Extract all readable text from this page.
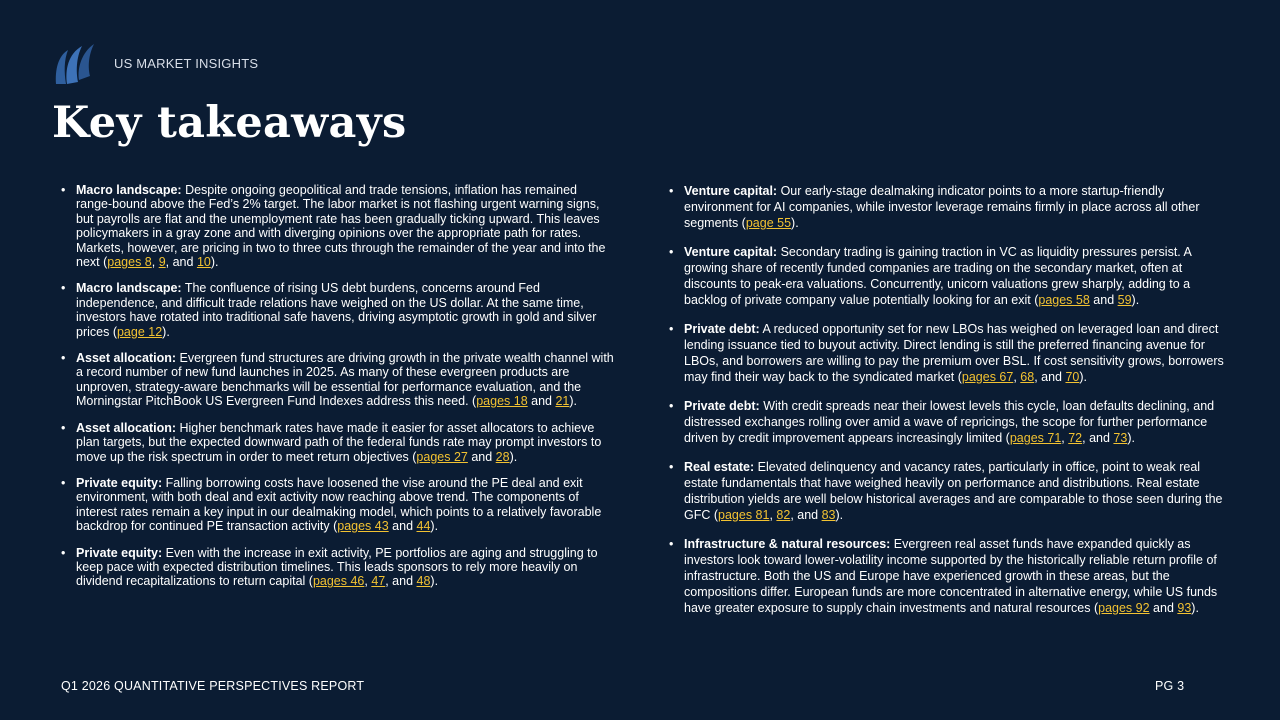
US MARKET INSIGHTS
Key takeaways
• Macro landscape: Despite ongoing geopolitical and trade tensions, inflation has remained range-bound above the Fed’s 2% target. The labor market is not flashing urgent warning signs, but payrolls are flat and the unemployment rate has been gradually ticking upward. This leaves policymakers in a gray zone and with diverging opinions over the appropriate path for rates. Markets, however, are pricing in two to three cuts through the remainder of the year and into the next (pages 8, 9, and 10).
• Macro landscape: The confluence of rising US debt burdens, concerns around Fed independence, and difficult trade relations have weighed on the US dollar. At the same time, investors have rotated into traditional safe havens, driving asymptotic growth in gold and silver prices (page 12).
• Asset allocation: Evergreen fund structures are driving growth in the private wealth channel with a record number of new fund launches in 2025. As many of these evergreen products are unproven, strategy-aware benchmarks will be essential for performance evaluation, and the Morningstar PitchBook US Evergreen Fund Indexes address this need. (pages 18 and 21).
• Asset allocation: Higher benchmark rates have made it easier for asset allocators to achieve plan targets, but the expected downward path of the federal funds rate may prompt investors to move up the risk spectrum in order to meet return objectives (pages 27 and 28).
• Private equity: Falling borrowing costs have loosened the vise around the PE deal and exit environment, with both deal and exit activity now reaching above trend. The components of interest rates remain a key input in our dealmaking model, which points to a relatively favorable backdrop for continued PE transaction activity (pages 43 and 44).
• Private equity: Even with the increase in exit activity, PE portfolios are aging and struggling to keep pace with expected distribution timelines. This leads sponsors to rely more heavily on dividend recapitalizations to return capital (pages 46, 47, and 48).
• Venture capital: Our early-stage dealmaking indicator points to a more startup-friendly environment for AI companies, while investor leverage remains firmly in place across all other segments (page 55).
• Venture capital: Secondary trading is gaining traction in VC as liquidity pressures persist. A growing share of recently funded companies are trading on the secondary market, often at discounts to peak-era valuations. Concurrently, unicorn valuations grew sharply, adding to a backlog of private company value potentially looking for an exit (pages 58 and 59).
• Private debt: A reduced opportunity set for new LBOs has weighed on leveraged loan and direct lending issuance tied to buyout activity. Direct lending is still the preferred financing avenue for LBOs, and borrowers are willing to pay the premium over BSL. If cost sensitivity grows, borrowers may find their way back to the syndicated market (pages 67, 68, and 70).
• Private debt: With credit spreads near their lowest levels this cycle, loan defaults declining, and distressed exchanges rolling over amid a wave of repricings, the scope for further performance driven by credit improvement appears increasingly limited (pages 71, 72, and 73).
• Real estate: Elevated delinquency and vacancy rates, particularly in office, point to weak real estate fundamentals that have weighed heavily on performance and distributions. Real estate distribution yields are well below historical averages and are comparable to those seen during the GFC (pages 81, 82, and 83).
• Infrastructure & natural resources: Evergreen real asset funds have expanded quickly as investors look toward lower-volatility income supported by the historically reliable return profile of infrastructure. Both the US and Europe have experienced growth in these areas, but the compositions differ. European funds are more concentrated in alternative energy, while US funds have greater exposure to supply chain investments and natural resources (pages 92 and 93).
Q1 2026 QUANTITATIVE PERSPECTIVES REPORT	PG 3
